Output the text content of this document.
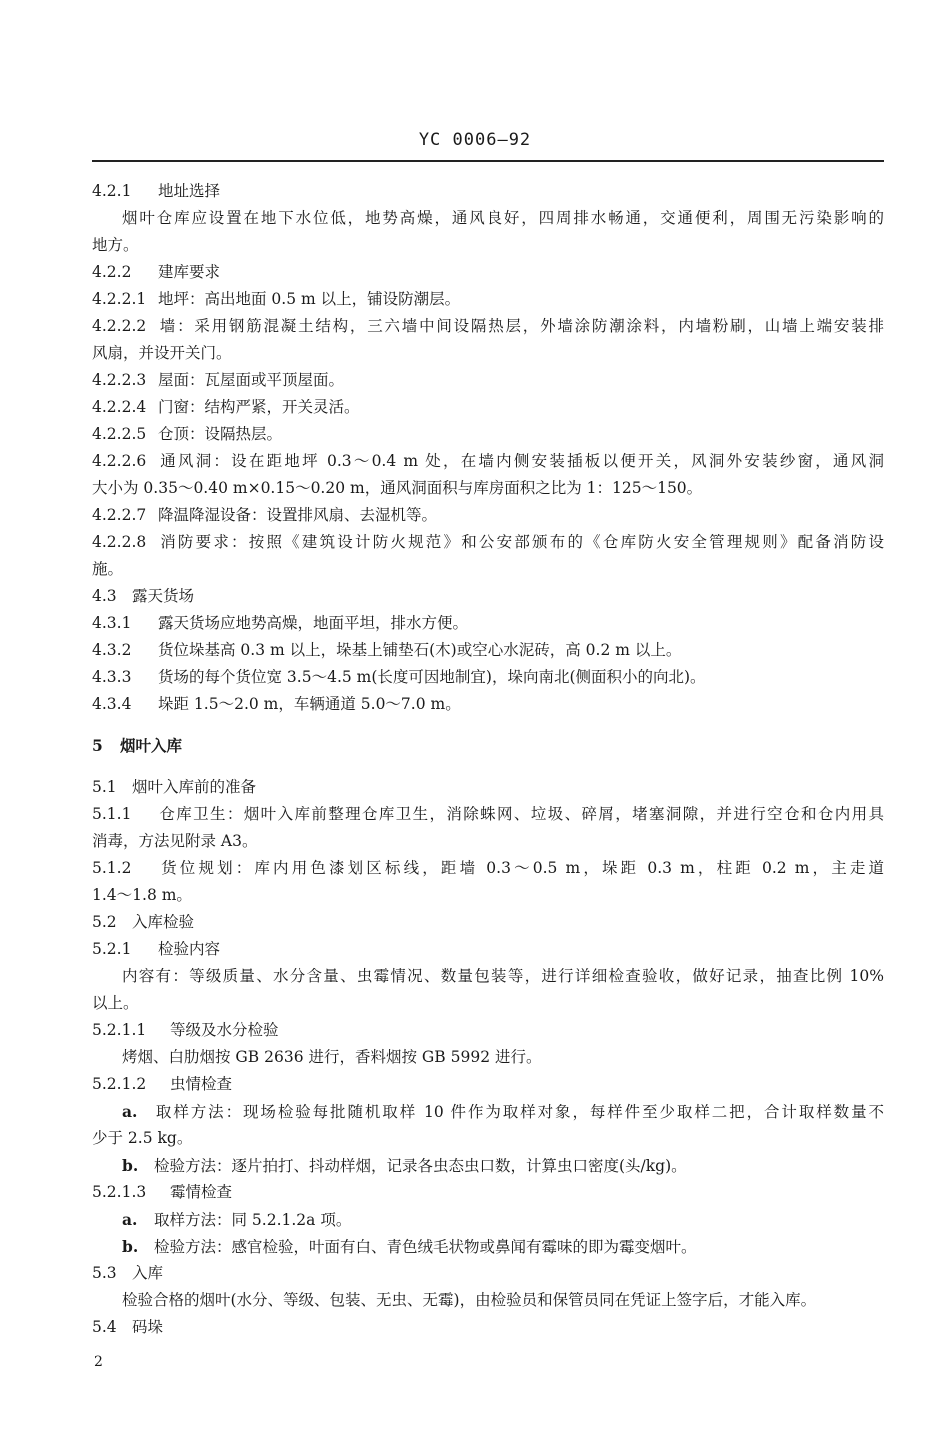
YC 0006—92
4.2.1 地址选择
烟叶仓库应设置在地下水位低，地势高燥，通风良好，四周排水畅通，交通便利，周围无污染影响的
地方。
4.2.2 建库要求
4.2.2.1 地坪：高出地面 0.5 m 以上，铺设防潮层。
4.2.2.2 墙：采用钢筋混凝土结构，三六墙中间设隔热层，外墙涂防潮涂料，内墙粉刷，山墙上端安装排
风扇，并设开关门。
4.2.2.3 屋面：瓦屋面或平顶屋面。
4.2.2.4 门窗：结构严紧，开关灵活。
4.2.2.5 仓顶：设隔热层。
4.2.2.6 通风洞：设在距地坪 0.3～0.4 m 处，在墙内侧安装插板以便开关，风洞外安装纱窗，通风洞
大小为 0.35～0.40 m×0.15～0.20 m，通风洞面积与库房面积之比为 1：125～150。
4.2.2.7 降温降湿设备：设置排风扇、去湿机等。
4.2.2.8 消防要求：按照《建筑设计防火规范》和公安部颁布的《仓库防火安全管理规则》配备消防设
施。
4.3 露天货场
4.3.1 露天货场应地势高燥，地面平坦，排水方便。
4.3.2 货位垛基高 0.3 m 以上，垛基上铺垫石(木)或空心水泥砖，高 0.2 m 以上。
4.3.3 货场的每个货位宽 3.5～4.5 m(长度可因地制宜)，垛向南北(侧面积小的向北)。
4.3.4 垛距 1.5～2.0 m，车辆通道 5.0～7.0 m。
5 烟叶入库
5.1 烟叶入库前的准备
5.1.1 仓库卫生：烟叶入库前整理仓库卫生，消除蛛网、垃圾、碎屑，堵塞洞隙，并进行空仓和仓内用具
消毒，方法见附录 A3。
5.1.2 货位规划：库内用色漆划区标线，距墙 0.3～0.5 m，垛距 0.3 m，柱距 0.2 m，主走道
1.4～1.8 m。
5.2 入库检验
5.2.1 检验内容
内容有：等级质量、水分含量、虫霉情况、数量包装等，进行详细检查验收，做好记录，抽查比例 10%
以上。
5.2.1.1 等级及水分检验
烤烟、白肋烟按 GB 2636 进行，香料烟按 GB 5992 进行。
5.2.1.2 虫情检查
a. 取样方法：现场检验每批随机取样 10 件作为取样对象，每样件至少取样二把，合计取样数量不
少于 2.5 kg。
b. 检验方法：逐片拍打、抖动样烟，记录各虫态虫口数，计算虫口密度(头/kg)。
5.2.1.3 霉情检查
a. 取样方法：同 5.2.1.2a 项。
b. 检验方法：感官检验，叶面有白、青色绒毛状物或鼻闻有霉味的即为霉变烟叶。
5.3 入库
检验合格的烟叶(水分、等级、包装、无虫、无霉)，由检验员和保管员同在凭证上签字后，才能入库。
5.4 码垛
2
